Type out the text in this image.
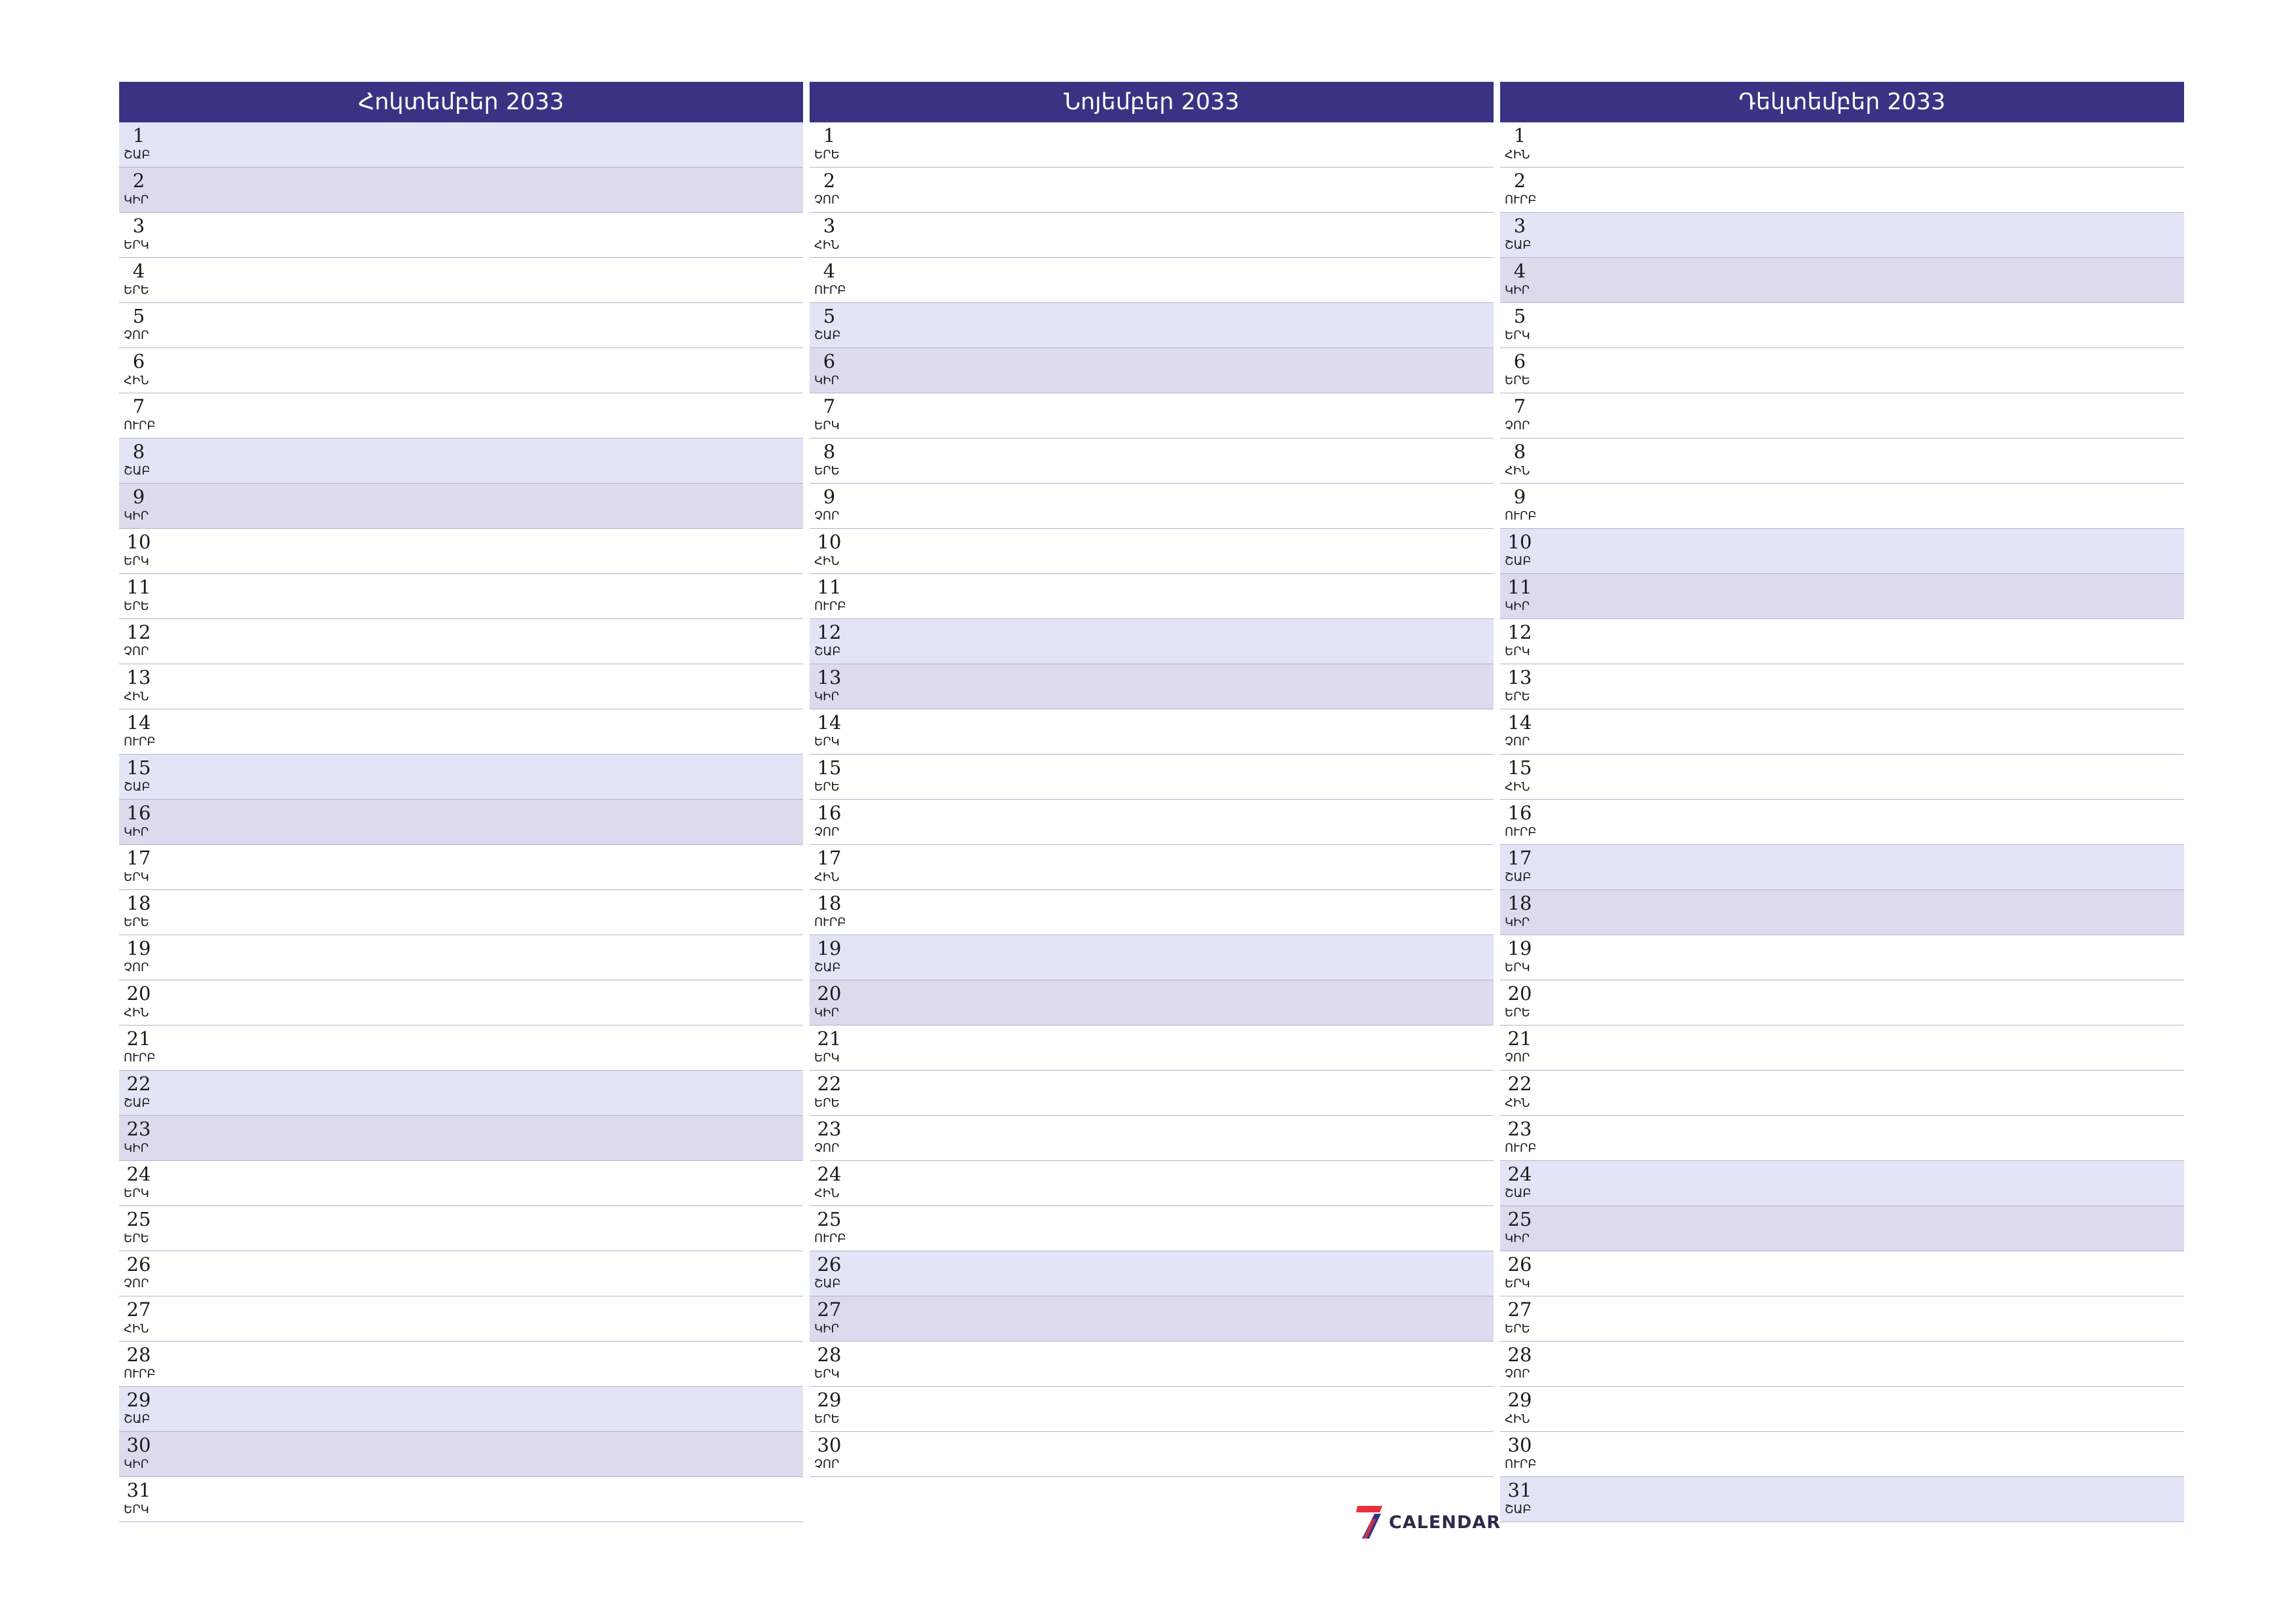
Հոկտեմբեր 2033
1
ՇԱԲ
2
ԿԻՐ
3
ԵՐԿ
4
ԵՐԵ
5
ՉՈՐ
6
ՀԻՆ
7
ՈՒՐԲ
8
ՇԱԲ
9
ԿԻՐ
10
ԵՐԿ
11
ԵՐԵ
12
ՉՈՐ
13
ՀԻՆ
14
ՈՒՐԲ
15
ՇԱԲ
16
ԿԻՐ
17
ԵՐԿ
18
ԵՐԵ
19
ՉՈՐ
20
ՀԻՆ
21
ՈՒՐԲ
22
ՇԱԲ
23
ԿԻՐ
24
ԵՐԿ
25
ԵՐԵ
26
ՉՈՐ
27
ՀԻՆ
28
ՈՒՐԲ
29
ՇԱԲ
30
ԿԻՐ
31
ԵՐԿ
Նոյեմբեր 2033
1
ԵՐԵ
2
ՉՈՐ
3
ՀԻՆ
4
ՈՒՐԲ
5
ՇԱԲ
6
ԿԻՐ
7
ԵՐԿ
8
ԵՐԵ
9
ՉՈՐ
10
ՀԻՆ
11
ՈՒՐԲ
12
ՇԱԲ
13
ԿԻՐ
14
ԵՐԿ
15
ԵՐԵ
16
ՉՈՐ
17
ՀԻՆ
18
ՈՒՐԲ
19
ՇԱԲ
20
ԿԻՐ
21
ԵՐԿ
22
ԵՐԵ
23
ՉՈՐ
24
ՀԻՆ
25
ՈՒՐԲ
26
ՇԱԲ
27
ԿԻՐ
28
ԵՐԿ
29
ԵՐԵ
30
ՉՈՐ
Դեկտեմբեր 2033
1
ՀԻՆ
2
ՈՒՐԲ
3
ՇԱԲ
4
ԿԻՐ
5
ԵՐԿ
6
ԵՐԵ
7
ՉՈՐ
8
ՀԻՆ
9
ՈՒՐԲ
10
ՇԱԲ
11
ԿԻՐ
12
ԵՐԿ
13
ԵՐԵ
14
ՉՈՐ
15
ՀԻՆ
16
ՈՒՐԲ
17
ՇԱԲ
18
ԿԻՐ
19
ԵՐԿ
20
ԵՐԵ
21
ՉՈՐ
22
ՀԻՆ
23
ՈՒՐԲ
24
ՇԱԲ
25
ԿԻՐ
26
ԵՐԿ
27
ԵՐԵ
28
ՉՈՐ
29
ՀԻՆ
30
ՈՒՐԲ
31
ՇԱԲ
CALENDAR
